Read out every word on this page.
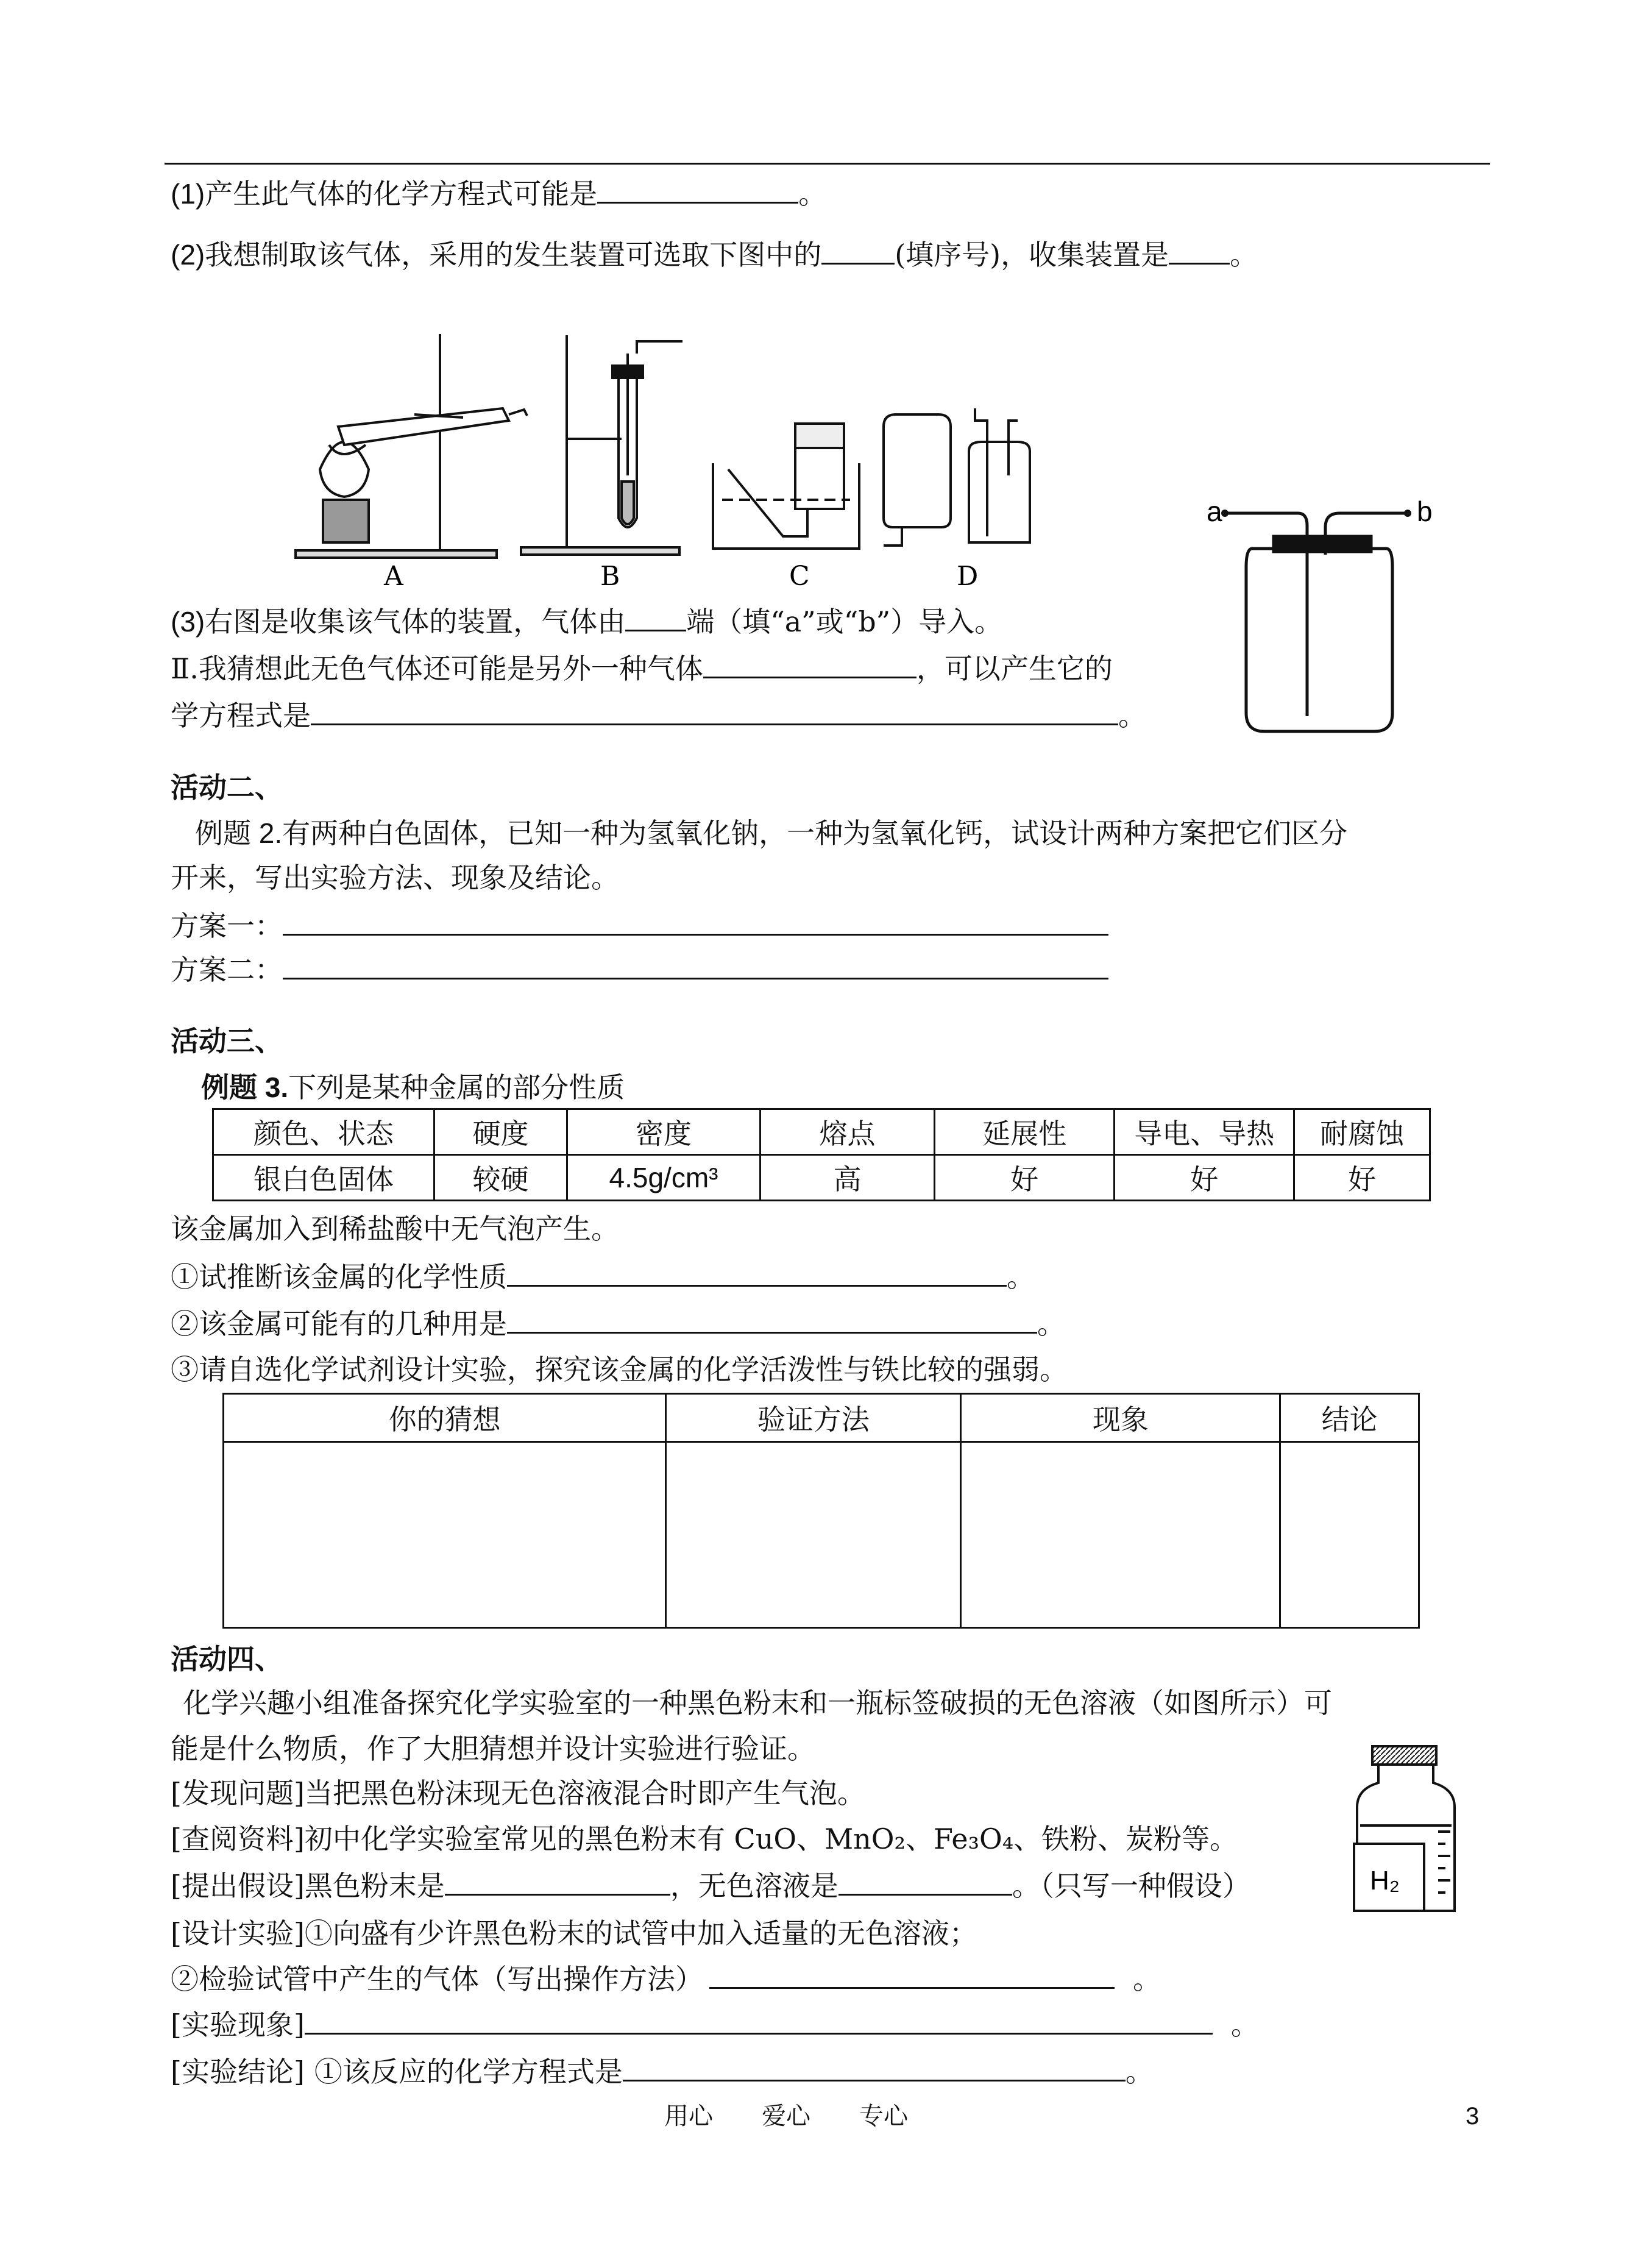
(1)产生此气体的化学方程式可能是	。
(2)我想制取该气体，采用的发生装置可选取下图中的	(填序号)，收集装置是 。
A	B	C	D
a	b
(3)右图是收集该气体的装置，气体由 端（填“a”或“b”）导入。
Ⅱ.我猜想此无色气体还可能是另外一种气体	，可以产生它的
学方程式是	。
活动二、
例题 2.有两种白色固体，已知一种为氢氧化钠，一种为氢氧化钙，试设计两种方案把它们区分
开来，写出实验方法、现象及结论。
方案一：
方案二：
活动三、
例题 3.下列是某种金属的部分性质
颜色、状态	硬度	密度	熔点	延展性	导电、导热	耐腐蚀
银白色固体	较硬	4.5g/cm³	高	好	好	好
该金属加入到稀盐酸中无气泡产生。
①试推断该金属的化学性质	。
②该金属可能有的几种用是	。
③请自选化学试剂设计实验，探究该金属的化学活泼性与铁比较的强弱。
你的猜想	验证方法	现象	结论

活动四、
化学兴趣小组准备探究化学实验室的一种黑色粉末和一瓶标签破损的无色溶液（如图所示）可
能是什么物质，作了大胆猜想并设计实验进行验证。
[发现问题]当把黑色粉沫现无色溶液混合时即产生气泡。
[查阅资料]初中化学实验室常见的黑色粉末有 CuO、MnO₂、Fe₃O₄、铁粉、炭粉等。
[提出假设]黑色粉末是	，无色溶液是	。（只写一种假设）
[设计实验]①向盛有少许黑色粉末的试管中加入适量的无色溶液；
②检验试管中产生的气体（写出操作方法）	。
[实验现象]	。
[实验结论] ①该反应的化学方程式是	。
H₂
用心　　爱心　　专心	3
